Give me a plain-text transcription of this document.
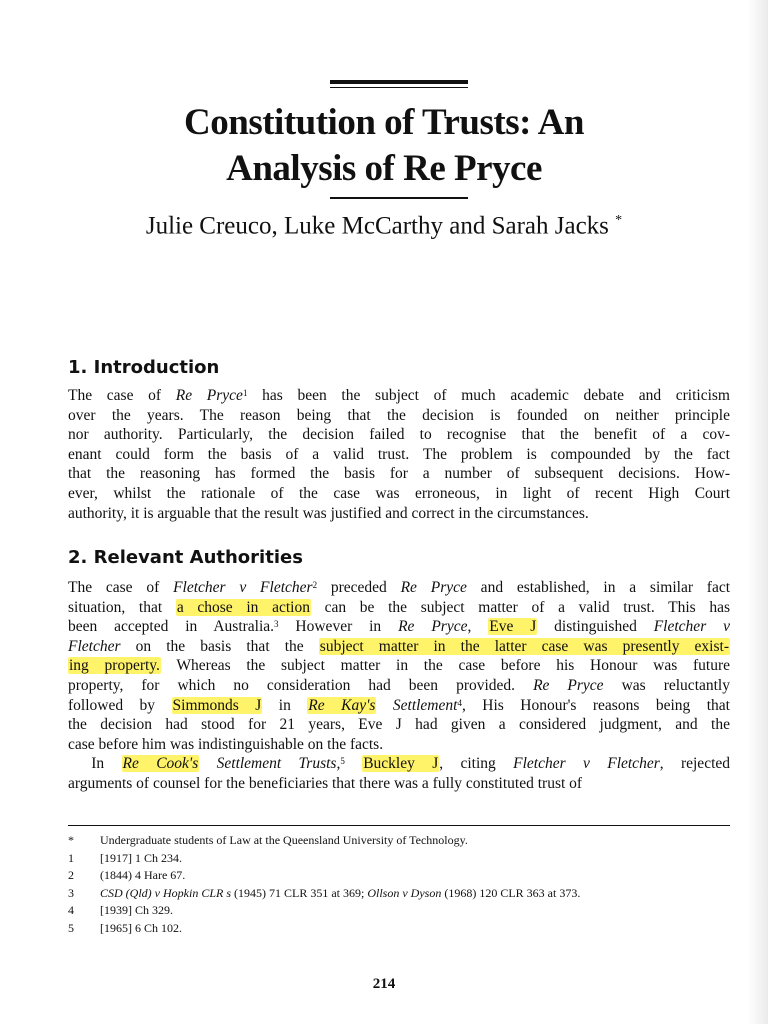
Constitution of Trusts: An
Analysis of Re Pryce
Julie Creuco, Luke McCarthy and Sarah Jacks *
1. Introduction
The case of Re Pryce$^1$ has been the subject of much academic debate and criticism
over the years. The reason being that the decision is founded on neither principle
nor authority. Particularly, the decision failed to recognise that the benefit of a cov-
enant could form the basis of a valid trust. The problem is compounded by the fact
that the reasoning has formed the basis for a number of subsequent decisions. How-
ever, whilst the rationale of the case was erroneous, in light of recent High Court
authority, it is arguable that the result was justified and correct in the circumstances.
2. Relevant Authorities
The case of Fletcher v Fletcher$^2$ preceded Re Pryce and established, in a similar fact
situation, that a chose in action can be the subject matter of a valid trust. This has
been accepted in Australia.$^3$ However in Re Pryce, Eve J distinguished Fletcher v
Fletcher on the basis that the subject matter in the latter case was presently exist-
ing property. Whereas the subject matter in the case before his Honour was future
property, for which no consideration had been provided. Re Pryce was reluctantly
followed by Simmonds J in Re Kay's Settlement$^4$, His Honour's reasons being that
the decision had stood for 21 years, Eve J had given a considered judgment, and the
case before him was indistinguishable on the facts.
  In Re Cook's Settlement Trusts,$^5$ Buckley J, citing Fletcher v Fletcher, rejected
arguments of counsel for the beneficiaries that there was a fully constituted trust of
*	Undergraduate students of Law at the Queensland University of Technology.
1	[1917] 1 Ch 234.
2	(1844) 4 Hare 67.
3	CSD (Qld) v Hopkin CLR s (1945) 71 CLR 351 at 369; Ollson v Dyson (1968) 120 CLR 363 at 373.
4	[1939] Ch 329.
5	[1965] 6 Ch 102.
214
